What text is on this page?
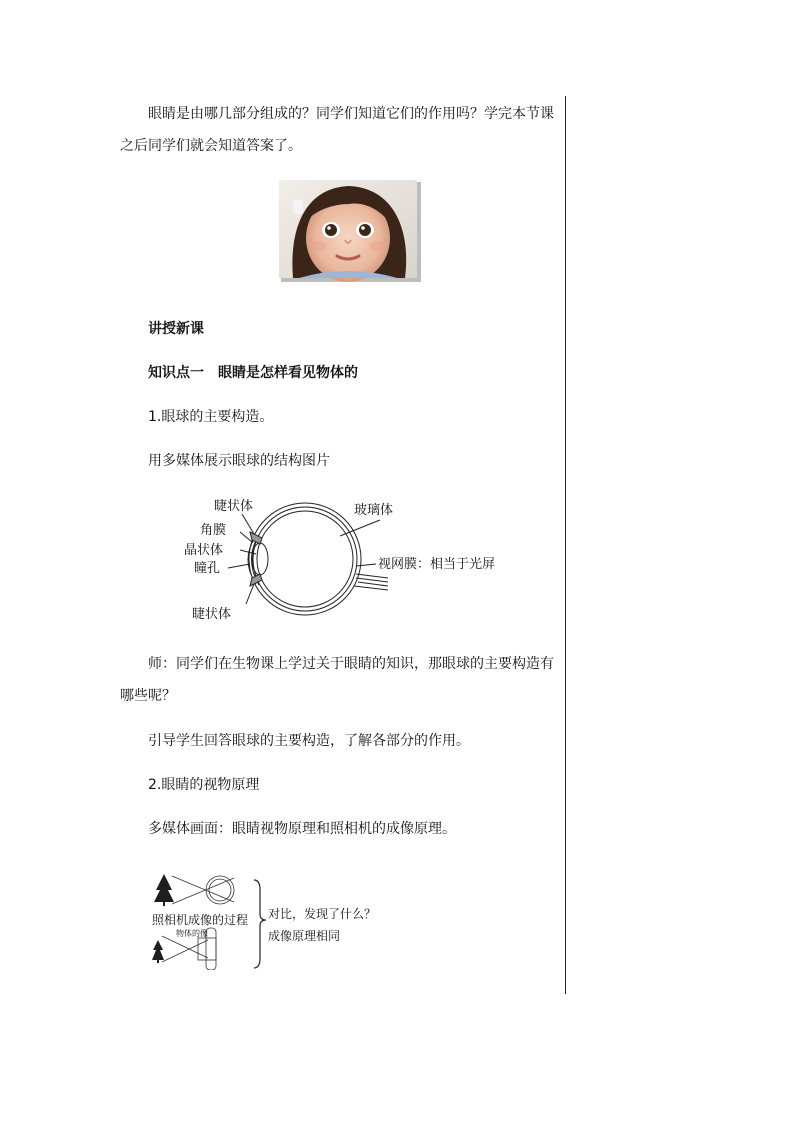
眼睛是由哪几部分组成的？同学们知道它们的作用吗？学完本节课之后同学们就会知道答案了。

讲授新课
知识点一　眼睛是怎样看见物体的
1.眼球的主要构造。
用多媒体展示眼球的结构图片
睫状体
角膜
晶状体
瞳孔
睫状体
玻璃体
视网膜：相当于光屏

师：同学们在生物课上学过关于眼睛的知识，那眼球的主要构造有哪些呢？

引导学生回答眼球的主要构造，了解各部分的作用。
2.眼睛的视物原理
多媒体画面：眼睛视物原理和照相机的成像原理。
照相机成像的过程
物体的像
对比，发现了什么？
成像原理相同
